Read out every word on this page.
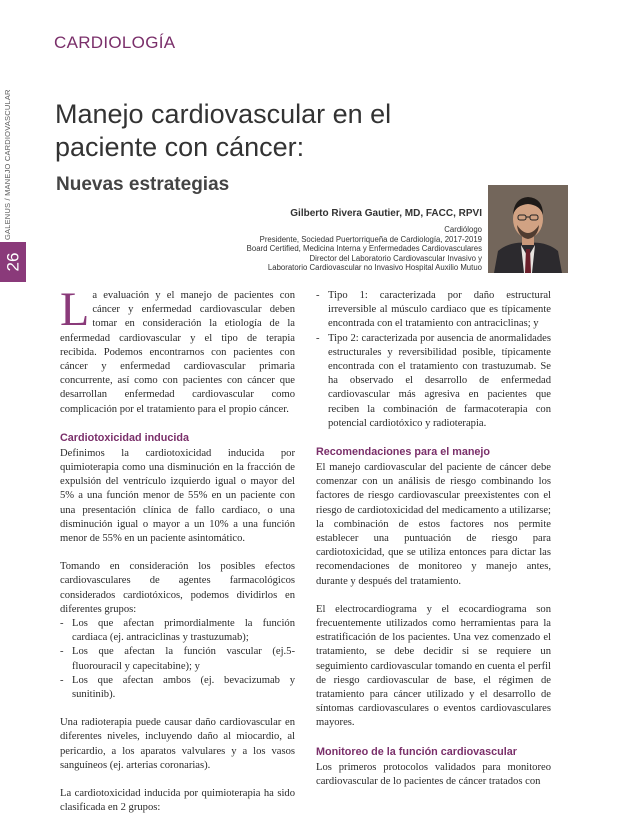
CARDIOLOGÍA
GALENUS / MANEJO CARDIOVASCULAR
26
Manejo cardiovascular en el paciente con cáncer:
Nuevas estrategias
Gilberto Rivera Gautier, MD, FACC, RPVI
Cardiólogo
Presidente, Sociedad Puertorriqueña de Cardiología, 2017-2019
Board Certified, Medicina Interna y Enfermedades Cardiovasculares
Director del Laboratorio Cardiovascular Invasivo y
Laboratorio Cardiovascular no Invasivo Hospital Auxilio Mutuo

La evaluación y el manejo de pacientes con cáncer y enfermedad cardiovascular deben tomar en consideración la etiología de la enfermedad cardiovascular y el tipo de terapia recibida. Podemos encontrarnos con pacientes con cáncer y enfermedad cardiovascular primaria concurrente, así como con pacientes con cáncer que desarrollan enfermedad cardiovascular como complicación por el tratamiento para el propio cáncer.

Cardiotoxicidad inducida

Definimos la cardiotoxicidad inducida por quimioterapia como una disminución en la fracción de expulsión del ventrículo izquierdo igual o mayor del 5% a una función menor de 55% en un paciente con una presentación clínica de fallo cardiaco, o una disminución igual o mayor a un 10% a una función menor de 55% en un paciente asintomático.

Tomando en consideración los posibles efectos cardiovasculares de agentes farmacológicos considerados cardiotóxicos, podemos dividirlos en diferentes grupos:

- Los que afectan primordialmente la función cardiaca (ej. antraciclinas y trastuzumab);
- Los que afectan la función vascular (ej.5-fluorouracil y capecitabine); y
- Los que afectan ambos (ej. bevacizumab y sunitinib).

Una radioterapia puede causar daño cardiovascular en diferentes niveles, incluyendo daño al miocardio, al pericardio, a los aparatos valvulares y a los vasos sanguíneos (ej. arterias coronarias).

La cardiotoxicidad inducida por quimioterapia ha sido clasificada en 2 grupos:

- Tipo 1: caracterizada por daño estructural irreversible al músculo cardiaco que es típicamente encontrada con el tratamiento con antraciclinas; y
- Tipo 2: caracterizada por ausencia de anormalidades estructurales y reversibilidad posible, típicamente encontrada con el tratamiento con trastuzumab. Se ha observado el desarrollo de enfermedad cardiovascular más agresiva en pacientes que reciben la combinación de farmacoterapia con potencial cardiotóxico y radioterapia.
Recomendaciones para el manejo

El manejo cardiovascular del paciente de cáncer debe comenzar con un análisis de riesgo combinando los factores de riesgo cardiovascular preexistentes con el riesgo de cardiotoxicidad del medicamento a utilizarse; la combinación de estos factores nos permite establecer una puntuación de riesgo para cardiotoxicidad, que se utiliza entonces para dictar las recomendaciones de monitoreo y manejo antes, durante y después del tratamiento.

El electrocardiograma y el ecocardiograma son frecuentemente utilizados como herramientas para la estratificación de los pacientes. Una vez comenzado el tratamiento, se debe decidir si se requiere un seguimiento cardiovascular tomando en cuenta el perfil de riesgo cardiovascular de base, el régimen de tratamiento para cáncer utilizado y el desarrollo de síntomas cardiovasculares o eventos cardiovasculares mayores.

Monitoreo de la función cardiovascular

Los primeros protocolos validados para monitoreo cardiovascular de lo pacientes de cáncer tratados con
